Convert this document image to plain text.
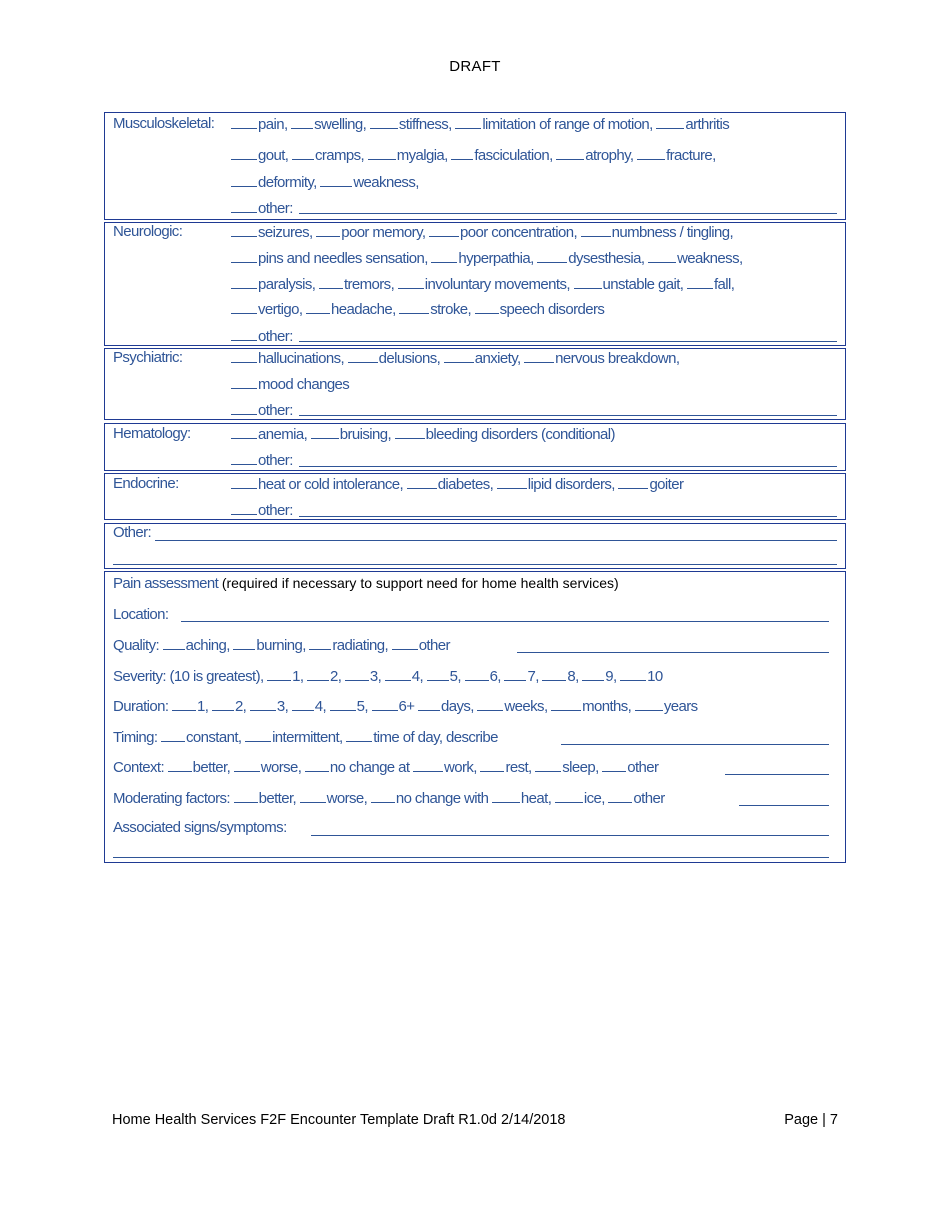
DRAFT
Musculoskeletal:	pain, swelling, stiffness, limitation of range of motion, arthritis
gout, cramps, myalgia, fasciculation, atrophy, fracture,
deformity, weakness,
other:
Neurologic:	seizures, poor memory, poor concentration, numbness / tingling,
pins and needles sensation, hyperpathia, dysesthesia, weakness,
paralysis, tremors, involuntary movements, unstable gait, fall,
vertigo, headache, stroke, speech disorders
other:
Psychiatric:	hallucinations, delusions, anxiety, nervous breakdown,
mood changes
other:
Hematology:	anemia, bruising, bleeding disorders (conditional)
other:
Endocrine:	heat or cold intolerance, diabetes, lipid disorders, goiter
other:
Other:
Pain assessment (required if necessary to support need for home health services)
Location:
Quality: aching, burning, radiating, other
Severity: (10 is greatest), 1, 2, 3, 4, 5, 6, 7, 8, 9, 10
Duration: 1, 2, 3, 4, 5, 6+ days, weeks, months, years
Timing: constant, intermittent, time of day, describe
Context: better, worse, no change at work, rest, sleep, other
Moderating factors: better, worse, no change with heat, ice, other
Associated signs/symptoms:
Home Health Services F2F Encounter Template Draft R1.0d 2/14/2018	Page | 7
